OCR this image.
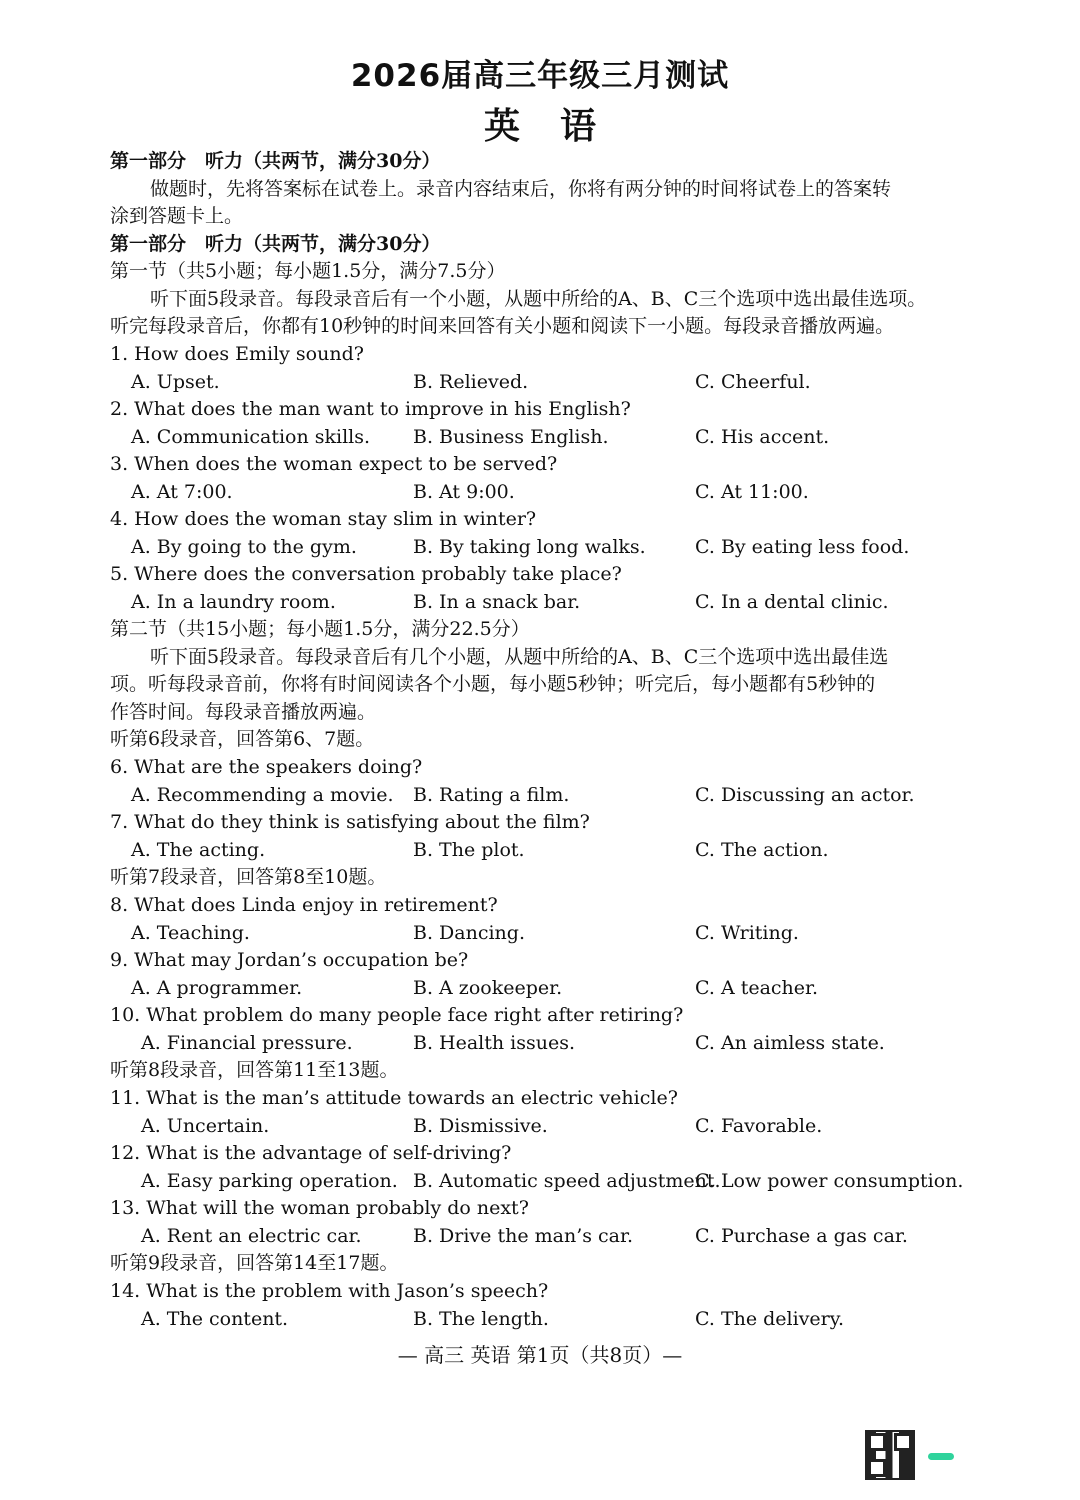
2026届高三年级三月测试
英语
第一部分　听力（共两节，满分30分）
做题时，先将答案标在试卷上。录音内容结束后，你将有两分钟的时间将试卷上的答案转
涂到答题卡上。
第一部分　听力（共两节，满分30分）
第一节（共5小题；每小题1.5分，满分7.5分）
听下面5段录音。每段录音后有一个小题，从题中所给的A、B、C三个选项中选出最佳选项。
听完每段录音后，你都有10秒钟的时间来回答有关小题和阅读下一小题。每段录音播放两遍。
1. How does Emily sound?
A. Upset.	B. Relieved.	C. Cheerful.
2. What does the man want to improve in his English?
A. Communication skills. B. Business English.	C. His accent.
3. When does the woman expect to be served?
A. At 7:00.	B. At 9:00.	C. At 11:00.
4. How does the woman stay slim in winter?
A. By going to the gym.	B. By taking long walks.	C. By eating less food.
5. Where does the conversation probably take place?
A. In a laundry room.	B. In a snack bar.	C. In a dental clinic.
第二节（共15小题；每小题1.5分，满分22.5分）
听下面5段录音。每段录音后有几个小题，从题中所给的A、B、C三个选项中选出最佳选
项。听每段录音前，你将有时间阅读各个小题，每小题5秒钟；听完后，每小题都有5秒钟的
作答时间。每段录音播放两遍。
听第6段录音，回答第6、7题。
6. What are the speakers doing?
A. Recommending a movie. B. Rating a film.	C. Discussing an actor.
7. What do they think is satisfying about the film?
A. The acting.	B. The plot.	C. The action.
听第7段录音，回答第8至10题。
8. What does Linda enjoy in retirement?
A. Teaching.	B. Dancing.	C. Writing.
9. What may Jordan’s occupation be?
A. A programmer.	B. A zookeeper.	C. A teacher.
10. What problem do many people face right after retiring?
A. Financial pressure.	B. Health issues.	C. An aimless state.
听第8段录音，回答第11至13题。
11. What is the man’s attitude towards an electric vehicle?
A. Uncertain.	B. Dismissive.	C. Favorable.
12. What is the advantage of self-driving?
A. Easy parking operation. B. Automatic speed adjustment.
C. Low power consumption.
13. What will the woman probably do next?
A. Rent an electric car.	B. Drive the man’s car.	C. Purchase a gas car.
听第9段录音，回答第14至17题。
14. What is the problem with Jason’s speech?
A. The content.	B. The length.	C. The delivery.
— 高三 英语 第1页（共8页）—
